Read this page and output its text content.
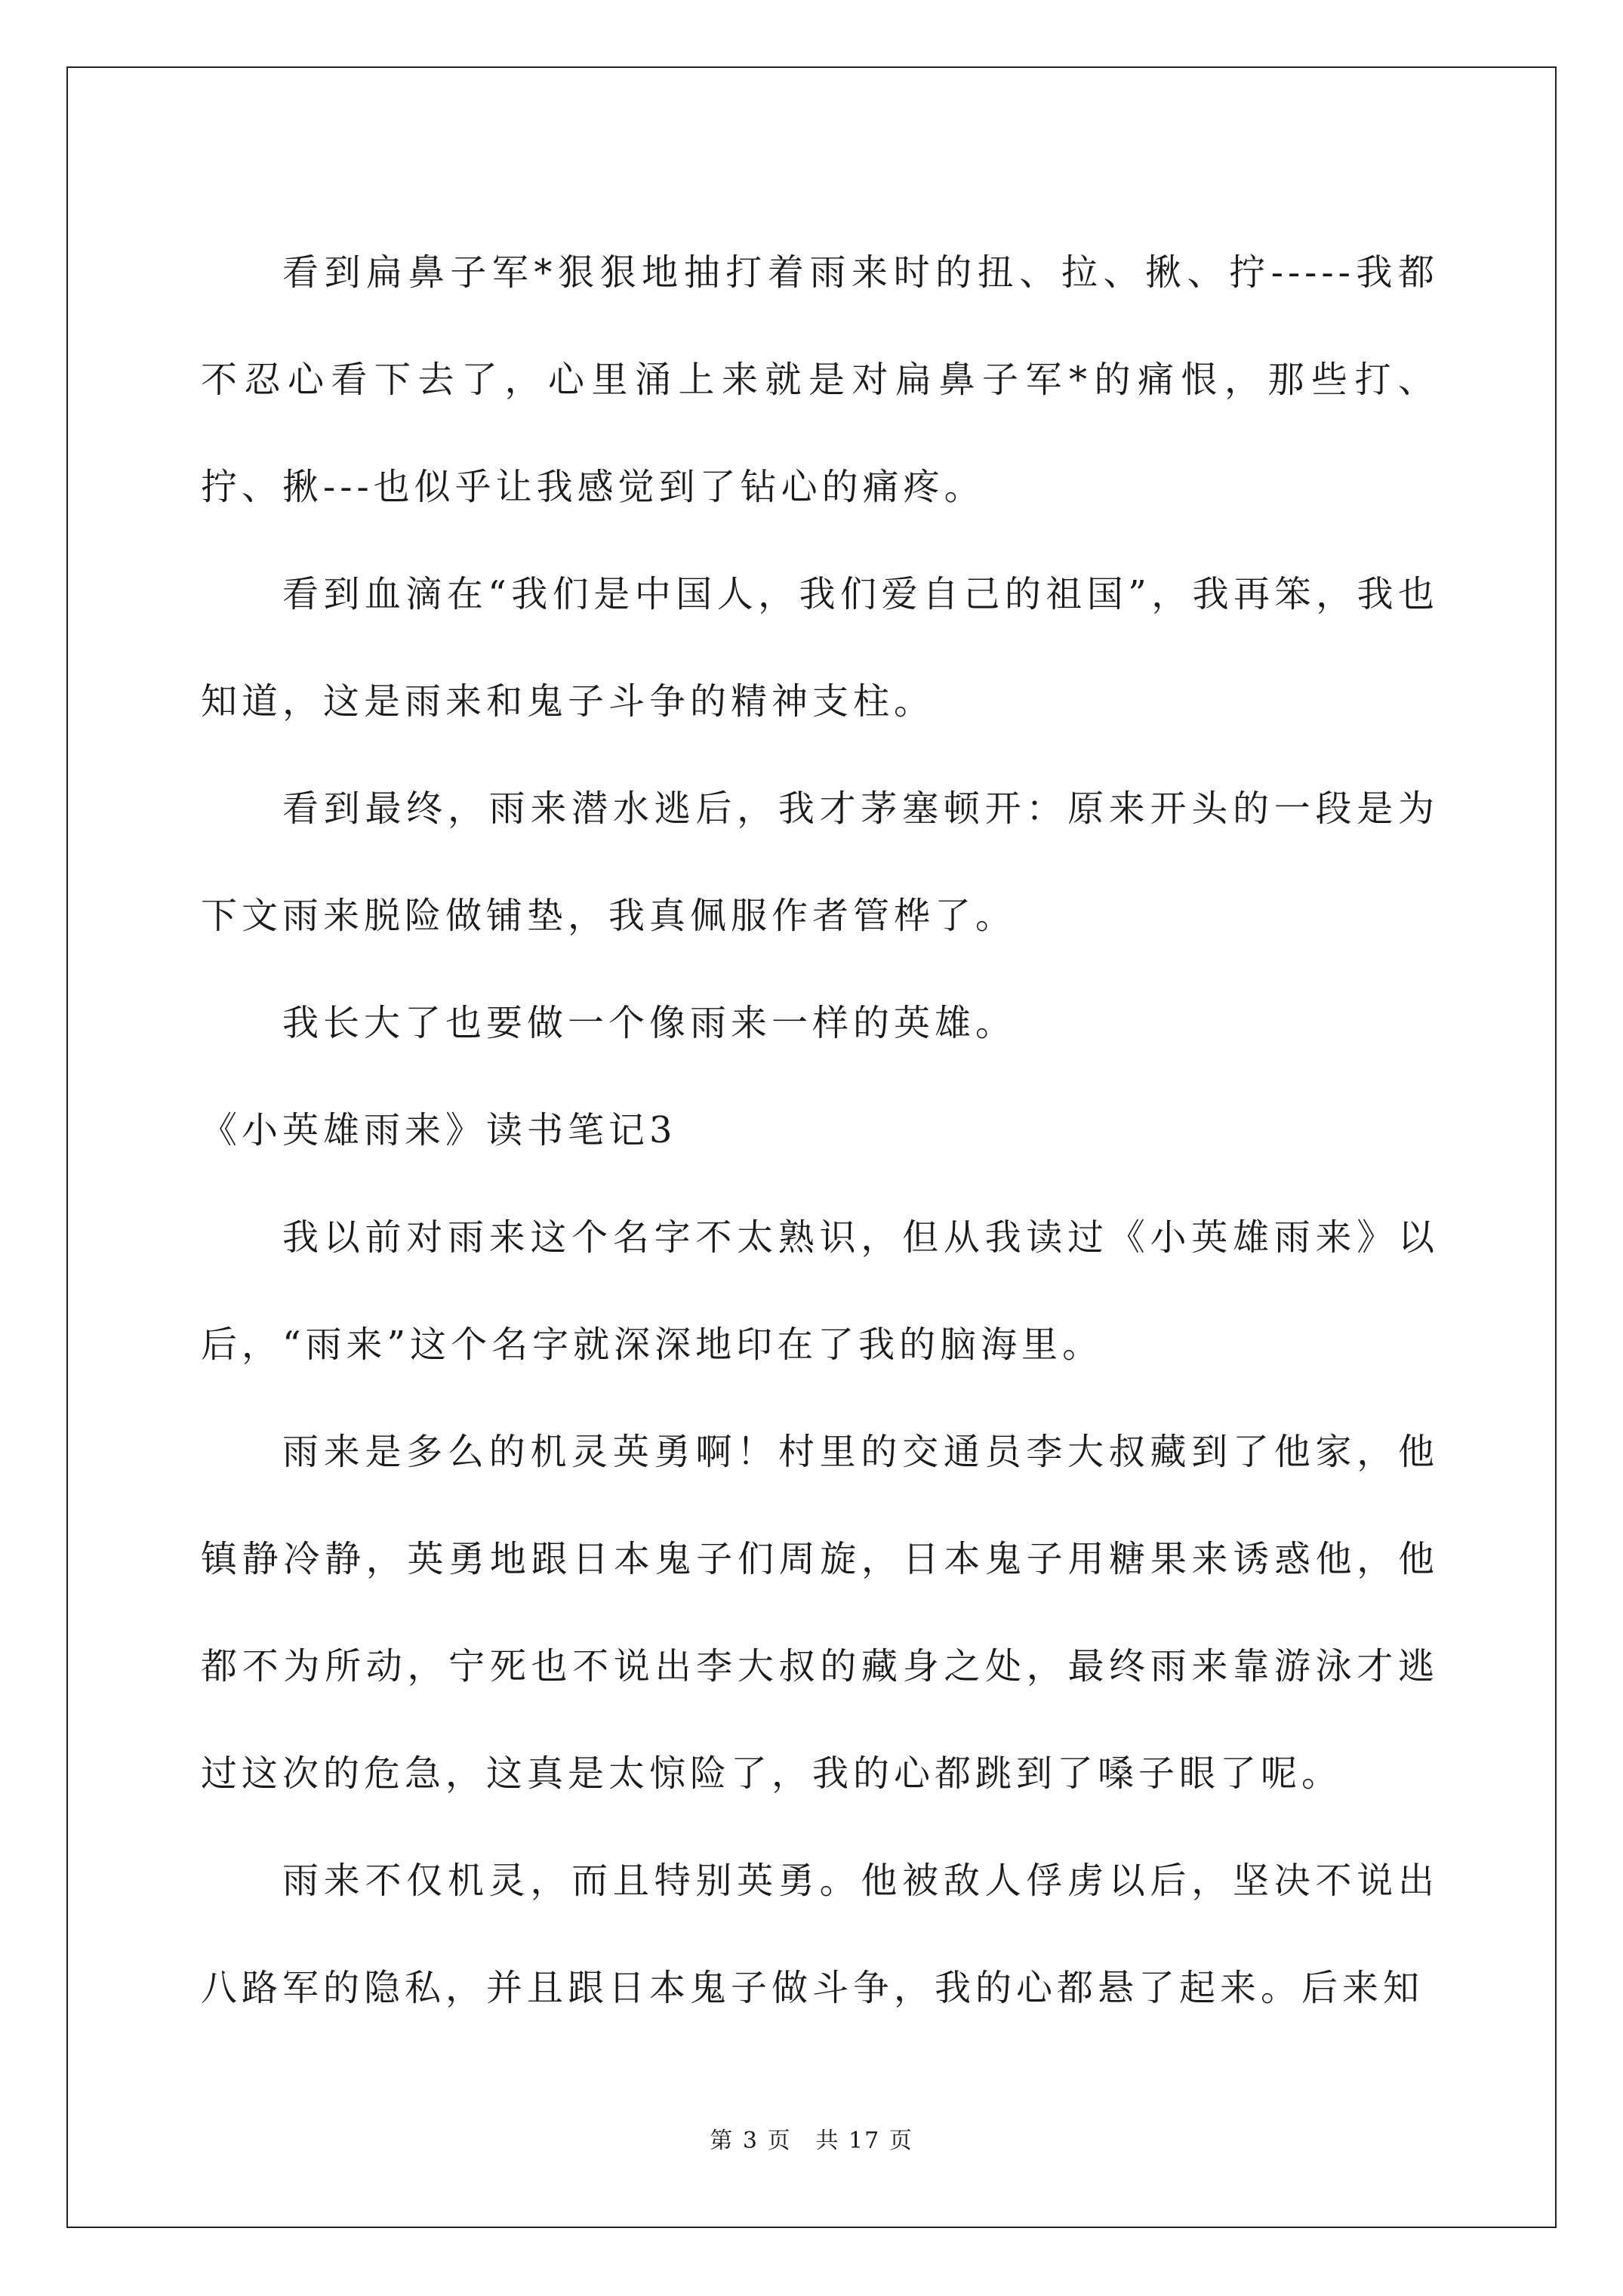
看到扁鼻子军*狠狠地抽打着雨来时的扭、拉、揪、拧-----我都不忍心看下去了，心里涌上来就是对扁鼻子军*的痛恨，那些打、拧、揪---也似乎让我感觉到了钻心的痛疼。

看到血滴在“我们是中国人，我们爱自己的祖国”，我再笨，我也知道，这是雨来和鬼子斗争的精神支柱。

看到最终，雨来潜水逃后，我才茅塞顿开：原来开头的一段是为下文雨来脱险做铺垫，我真佩服作者管桦了。

我长大了也要做一个像雨来一样的英雄。

《小英雄雨来》读书笔记3

我以前对雨来这个名字不太熟识，但从我读过《小英雄雨来》以后，“雨来”这个名字就深深地印在了我的脑海里。

雨来是多么的机灵英勇啊！村里的交通员李大叔藏到了他家，他镇静冷静，英勇地跟日本鬼子们周旋，日本鬼子用糖果来诱惑他，他都不为所动，宁死也不说出李大叔的藏身之处，最终雨来靠游泳才逃过这次的危急，这真是太惊险了，我的心都跳到了嗓子眼了呢。

雨来不仅机灵，而且特别英勇。他被敌人俘虏以后，坚决不说出八路军的隐私，并且跟日本鬼子做斗争，我的心都悬了起来。后来知

第 3 页　共 17 页
